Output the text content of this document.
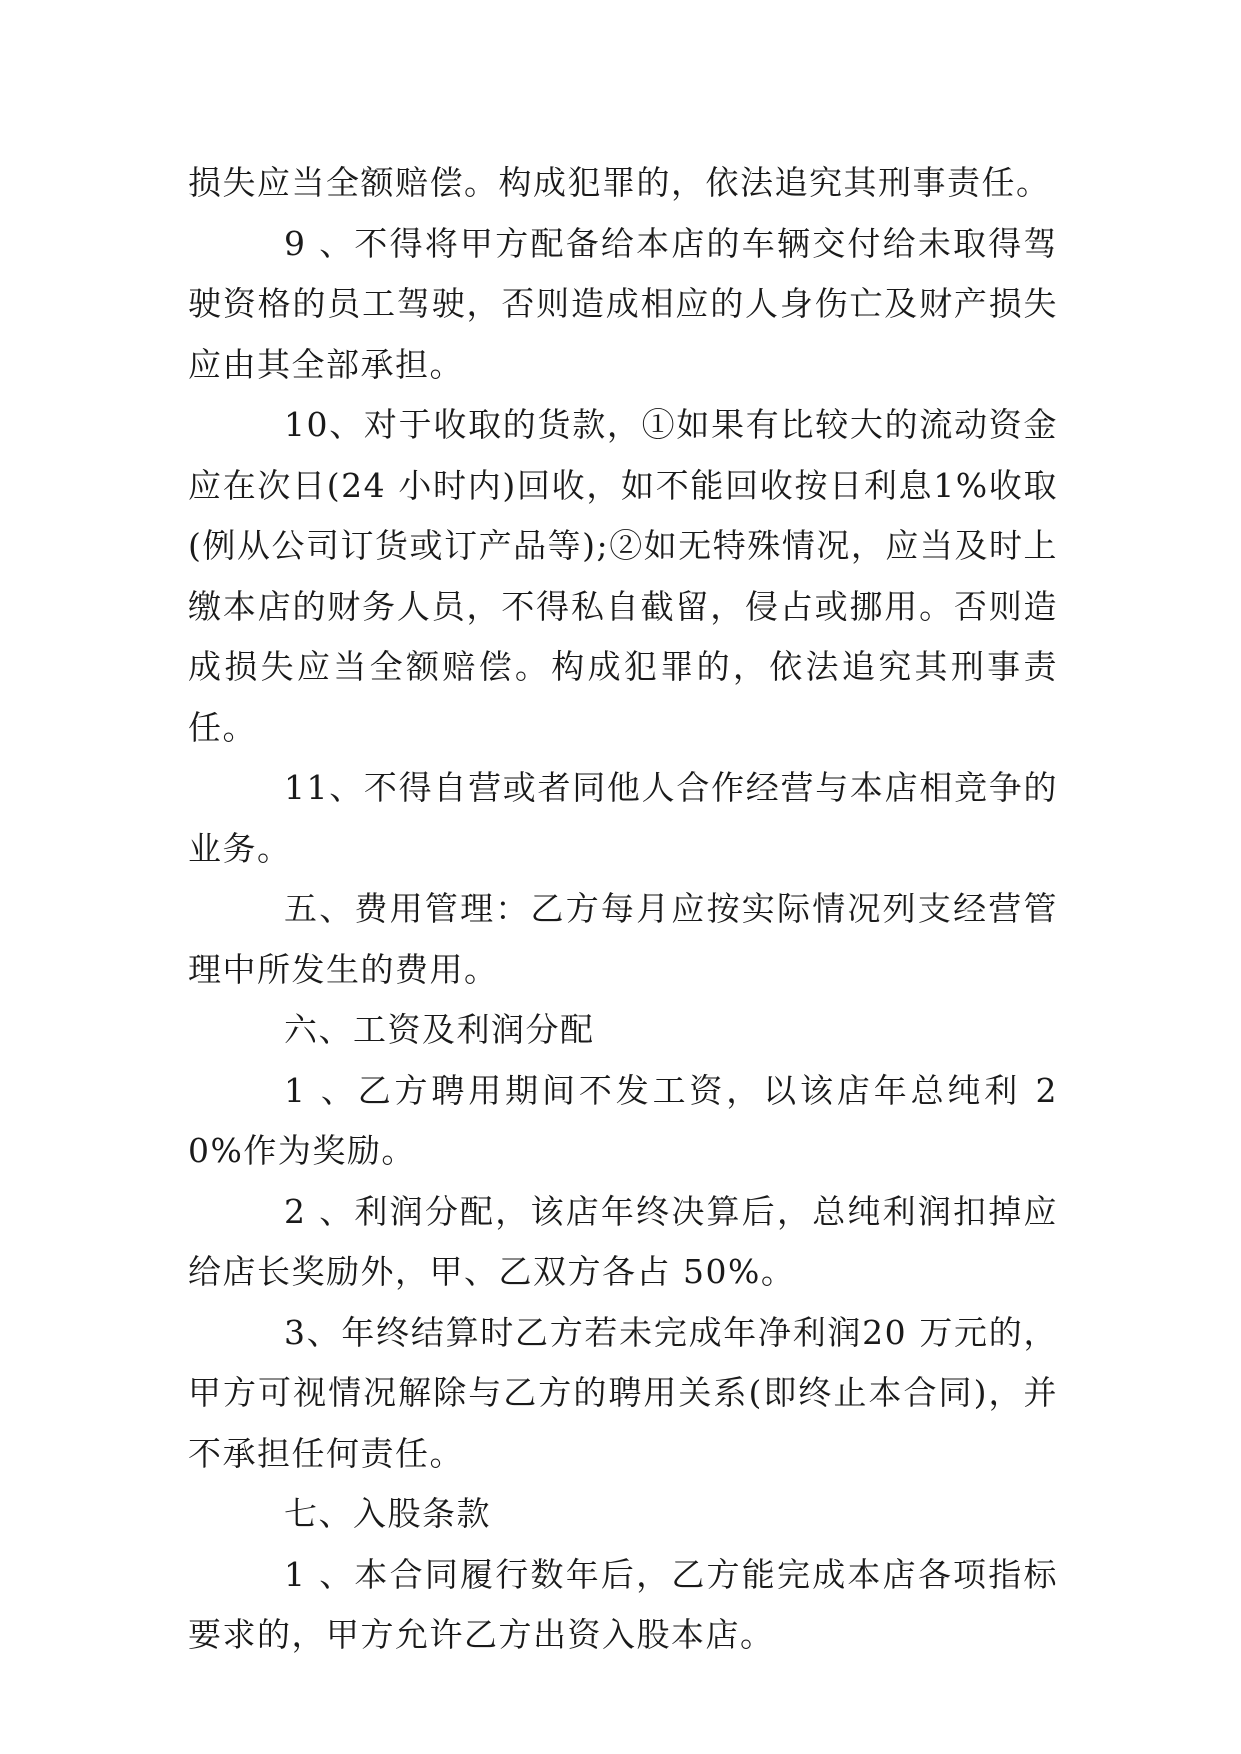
损失应当全额赔偿。构成犯罪的，依法追究其刑事责任。

9 、不得将甲方配备给本店的车辆交付给未取得驾驶资格的员工驾驶，否则造成相应的人身伤亡及财产损失应由其全部承担。

10、对于收取的货款，①如果有比较大的流动资金应在次日(24 小时内)回收，如不能回收按日利息1%收取(例从公司订货或订产品等);②如无特殊情况，应当及时上缴本店的财务人员，不得私自截留，侵占或挪用。否则造成损失应当全额赔偿。构成犯罪的，依法追究其刑事责任。

11、不得自营或者同他人合作经营与本店相竞争的业务。

五、费用管理：乙方每月应按实际情况列支经营管理中所发生的费用。

六、工资及利润分配

1 、乙方聘用期间不发工资，以该店年总纯利 20%作为奖励。

2 、利润分配，该店年终决算后，总纯利润扣掉应给店长奖励外，甲、乙双方各占 50%。

3、年终结算时乙方若未完成年净利润20 万元的，甲方可视情况解除与乙方的聘用关系(即终止本合同)，并不承担任何责任。

七、入股条款

1 、本合同履行数年后，乙方能完成本店各项指标要求的，甲方允许乙方出资入股本店。
